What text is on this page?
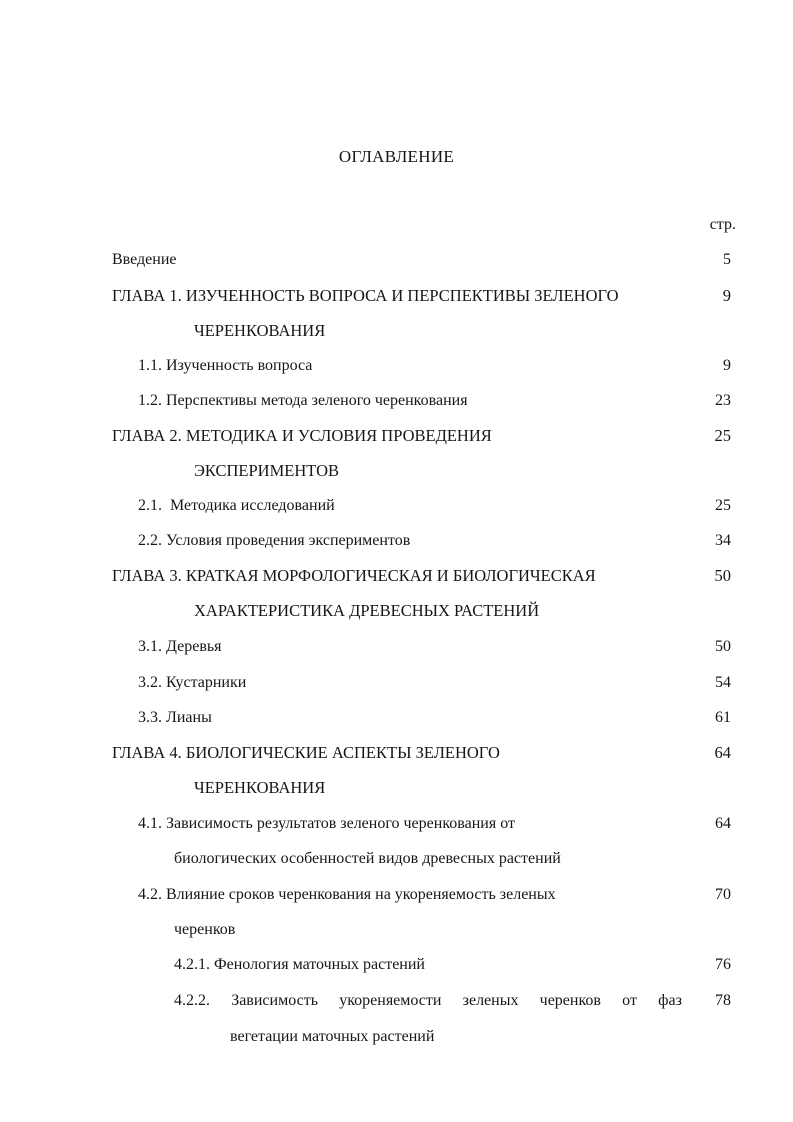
ОГЛАВЛЕНИЕ
стр.
Введение	5
ГЛАВА 1. ИЗУЧЕННОСТЬ ВОПРОСА И ПЕРСПЕКТИВЫ ЗЕЛЕНОГО	9
ЧЕРЕНКОВАНИЯ
1.1. Изученность вопроса	9
1.2. Перспективы метода зеленого черенкования	23
ГЛАВА 2. МЕТОДИКА И УСЛОВИЯ ПРОВЕДЕНИЯ	25
ЭКСПЕРИМЕНТОВ
2.1.  Методика исследований	25
2.2. Условия проведения экспериментов	34
ГЛАВА 3. КРАТКАЯ МОРФОЛОГИЧЕСКАЯ И БИОЛОГИЧЕСКАЯ	50
ХАРАКТЕРИСТИКА ДРЕВЕСНЫХ РАСТЕНИЙ
3.1. Деревья	50
3.2. Кустарники	54
3.3. Лианы	61
ГЛАВА 4. БИОЛОГИЧЕСКИЕ АСПЕКТЫ ЗЕЛЕНОГО	64
ЧЕРЕНКОВАНИЯ
4.1. Зависимость результатов зеленого черенкования от	64
биологических особенностей видов древесных растений
4.2. Влияние сроков черенкования на укореняемость зеленых	70
черенков
4.2.1. Фенология маточных растений	76
4.2.2. Зависимость укореняемости зеленых черенков от фаз 78
вегетации маточных растений
